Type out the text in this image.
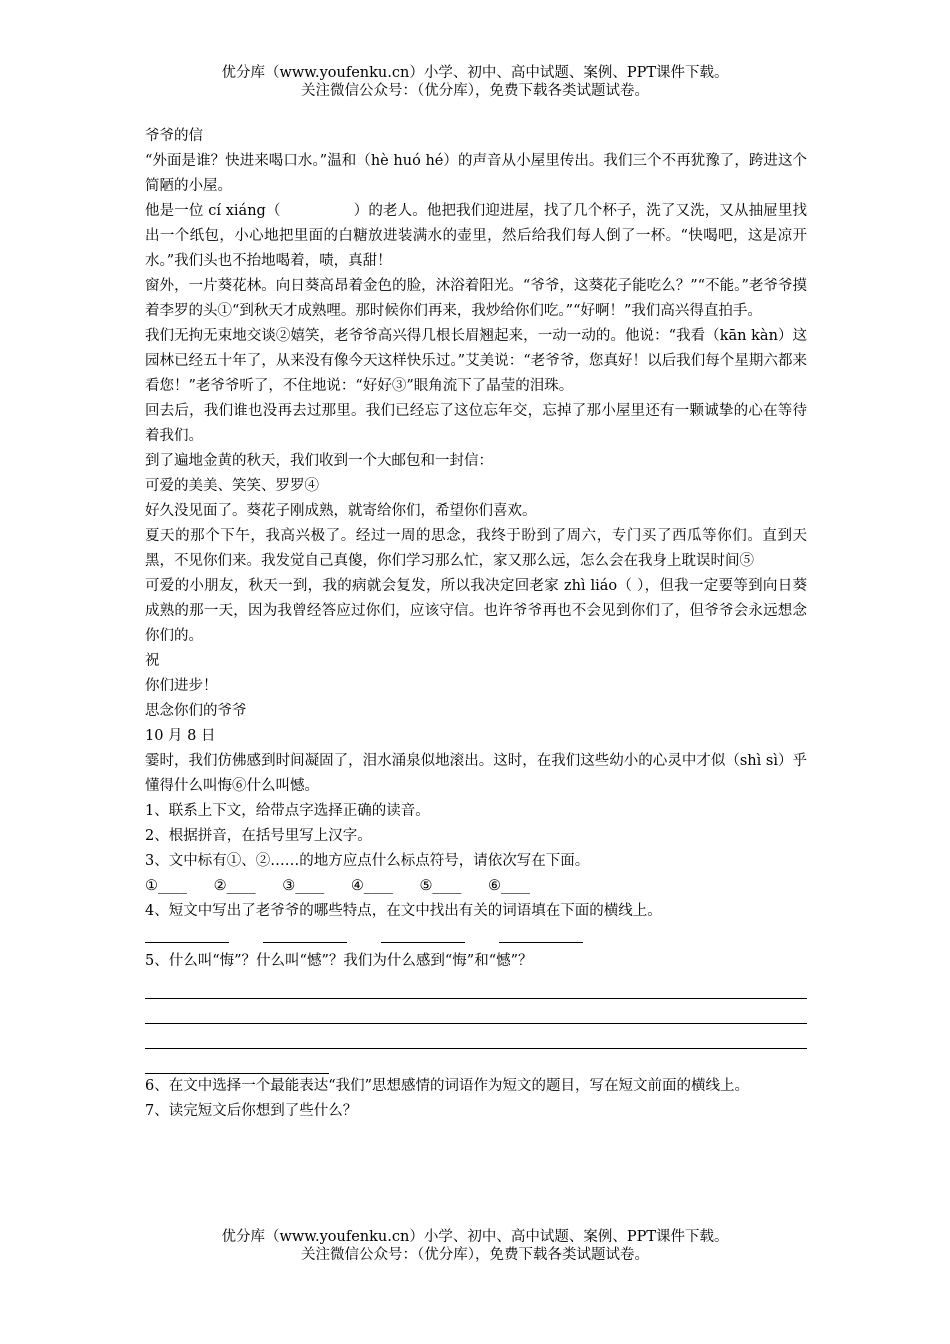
优分库（www.youfenku.cn）小学、初中、高中试题、案例、PPT课件下载。
关注微信公众号：（优分库），免费下载各类试题试卷。

爷爷的信

“外面是谁？快进来喝口水。”温和（hè huó hé）的声音从小屋里传出。我们三个不再犹豫了，跨进这个简陋的小屋。

他是一位 cí xiáng（　　　　　）的老人。他把我们迎进屋，找了几个杯子，洗了又洗，又从抽屉里找出一个纸包，小心地把里面的白糖放进装满水的壶里，然后给我们每人倒了一杯。“快喝吧，这是凉开水。”我们头也不抬地喝着，啧，真甜！

窗外，一片葵花林。向日葵高昂着金色的脸，沐浴着阳光。“爷爷，这葵花子能吃么？”“不能。”老爷爷摸着李罗的头①“到秋天才成熟哩。那时候你们再来，我炒给你们吃。”“好啊！”我们高兴得直拍手。

我们无拘无束地交谈②嬉笑，老爷爷高兴得几根长眉翘起来，一动一动的。他说：“我看（kān kàn）这园林已经五十年了，从来没有像今天这样快乐过。”艾美说：“老爷爷，您真好！以后我们每个星期六都来看您！”老爷爷听了，不住地说：“好好③”眼角流下了晶莹的泪珠。

回去后，我们谁也没再去过那里。我们已经忘了这位忘年交，忘掉了那小屋里还有一颗诚挚的心在等待着我们。

到了遍地金黄的秋天，我们收到一个大邮包和一封信：

可爱的美美、笑笑、罗罗④

好久没见面了。葵花子刚成熟，就寄给你们，希望你们喜欢。

夏天的那个下午，我高兴极了。经过一周的思念，我终于盼到了周六，专门买了西瓜等你们。直到天黑，不见你们来。我发觉自己真傻，你们学习那么忙，家又那么远，怎么会在我身上耽误时间⑤

可爱的小朋友，秋天一到，我的病就会复发，所以我决定回老家 zhì liáo（ ），但我一定要等到向日葵成熟的那一天，因为我曾经答应过你们，应该守信。也许爷爷再也不会见到你们了，但爷爷会永远想念你们的。

祝

你们进步！

思念你们的爷爷

10 月 8 日

霎时，我们仿佛感到时间凝固了，泪水涌泉似地滚出。这时，在我们这些幼小的心灵中才似（shì sì）乎懂得什么叫悔⑥什么叫憾。

1、联系上下文，给带点字选择正确的读音。

2、根据拼音，在括号里写上汉字。

3、文中标有①、②……的地方应点什么标点符号，请依次写在下面。

①____ ②____ ③____ ④____ ⑤____ ⑥____

4、短文中写出了老爷爷的哪些特点，在文中找出有关的词语填在下面的横线上。

5、什么叫“悔”？什么叫“憾”？我们为什么感到“悔”和“憾”？

6、在文中选择一个最能表达“我们”思想感情的词语作为短文的题目，写在短文前面的横线上。

7、读完短文后你想到了些什么？

优分库（www.youfenku.cn）小学、初中、高中试题、案例、PPT课件下载。
关注微信公众号：（优分库），免费下载各类试题试卷。
